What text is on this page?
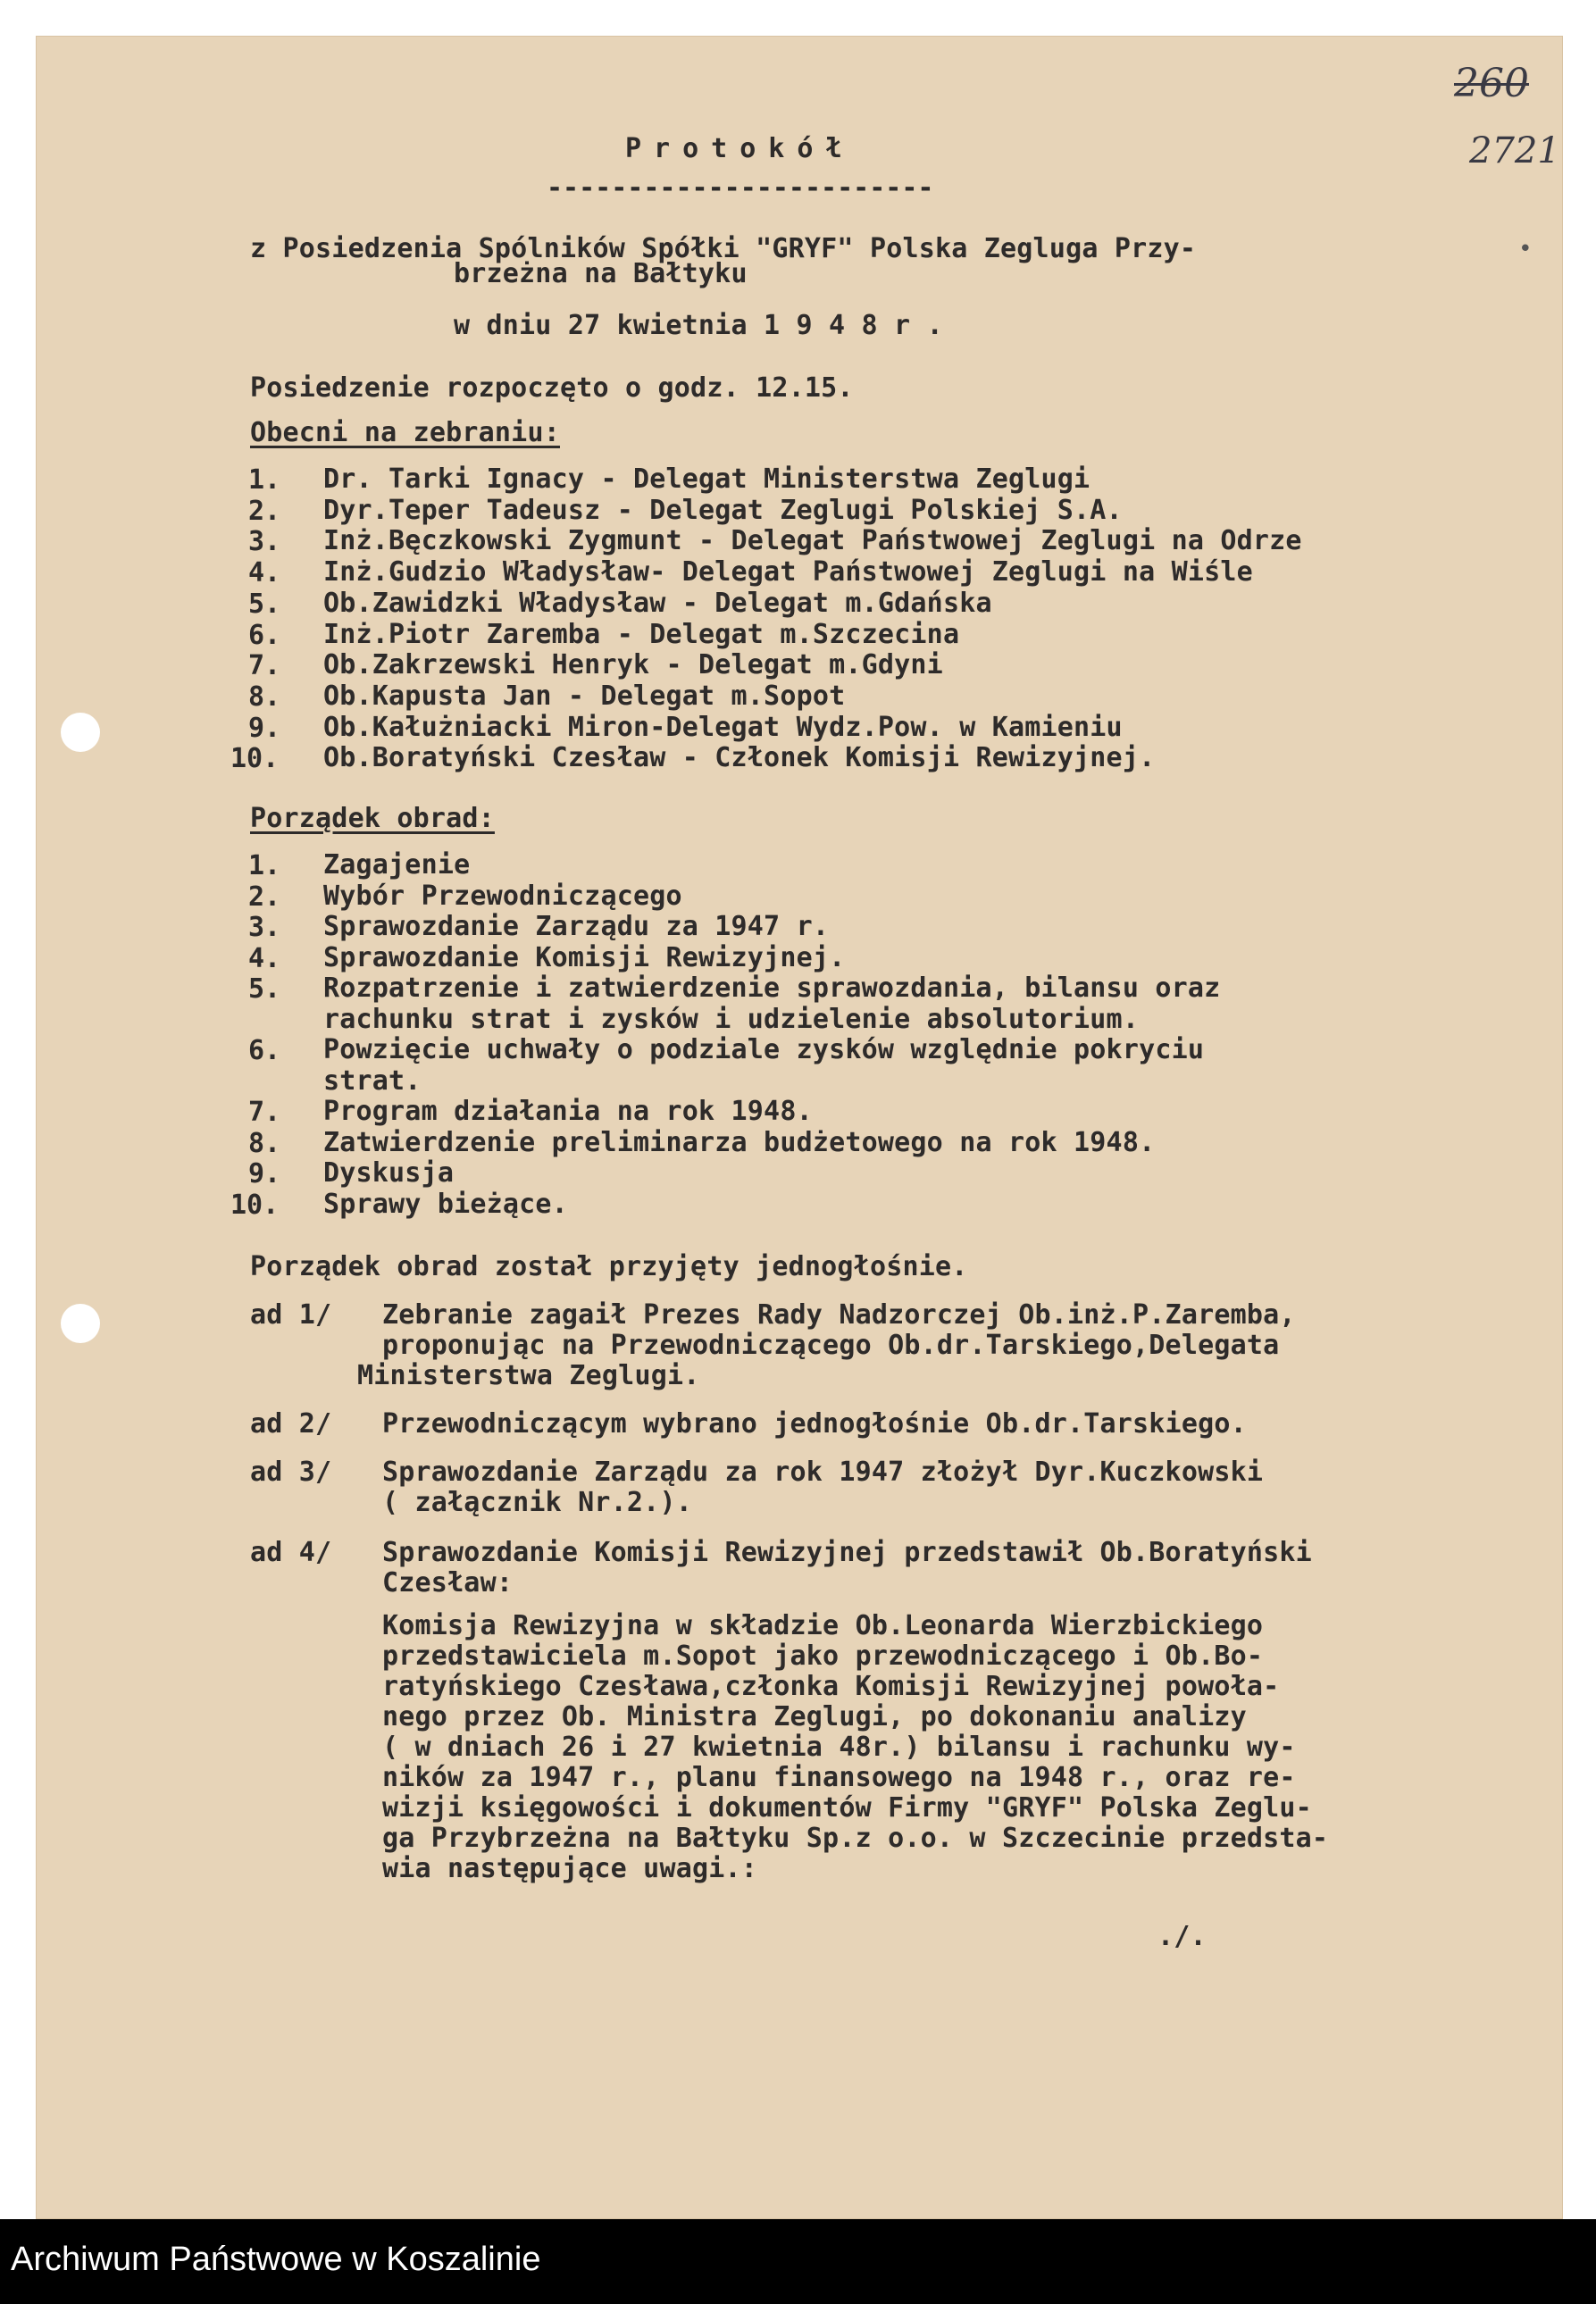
260
2721
Protokół
------------------------
z Posiedzenia Spólników Spółki "GRYF" Polska Zegluga Przy-
brzeżna na Bałtyku
w dniu 27 kwietnia 1 9 4 8 r .
Posiedzenie rozpoczęto o godz. 12.15.
Obecni na zebraniu:
Porządek obrad:
Porządek obrad został przyjęty jednogłośnie.
ad 1/ Zebranie zagaił Prezes Rady Nadzorczej Ob.inż.P.Zaremba,
proponując na Przewodniczącego Ob.dr.Tarskiego,Delegata
Ministerstwa Zeglugi.
ad 2/ Przewodniczącym wybrano jednogłośnie Ob.dr.Tarskiego.
ad 3/ Sprawozdanie Zarządu za rok 1947 złożył Dyr.Kuczkowski
( załącznik Nr.2.).
ad 4/ Sprawozdanie Komisji Rewizyjnej przedstawił Ob.Boratyński
Czesław:
./.
•
Archiwum Państwowe w Koszalinie
1. Dr. Tarki Ignacy - Delegat Ministerstwa Zeglugi
2. Dyr.Teper Tadeusz - Delegat Zeglugi Polskiej S.A.
3. Inż.Bęczkowski Zygmunt - Delegat Państwowej Zeglugi na Odrze
4. Inż.Gudzio Władysław- Delegat Państwowej Zeglugi na Wiśle
5. Ob.Zawidzki Władysław - Delegat m.Gdańska
6. Inż.Piotr Zaremba - Delegat m.Szczecina
7. Ob.Zakrzewski Henryk - Delegat m.Gdyni
8. Ob.Kapusta Jan - Delegat m.Sopot
9. Ob.Kałużniacki Miron-Delegat Wydz.Pow. w Kamieniu
10. Ob.Boratyński Czesław - Członek Komisji Rewizyjnej.
1. Zagajenie
2. Wybór Przewodniczącego
3. Sprawozdanie Zarządu za 1947 r.
4. Sprawozdanie Komisji Rewizyjnej.
5. Rozpatrzenie i zatwierdzenie sprawozdania, bilansu oraz
rachunku strat i zysków i udzielenie absolutorium.
6. Powzięcie uchwały o podziale zysków względnie pokryciu
strat.
7. Program działania na rok 1948.
8. Zatwierdzenie preliminarza budżetowego na rok 1948.
9. Dyskusja
10. Sprawy bieżące.
Komisja Rewizyjna w składzie Ob.Leonarda Wierzbickiego
przedstawiciela m.Sopot jako przewodniczącego i Ob.Bo-
ratyńskiego Czesława,członka Komisji Rewizyjnej powoła-
nego przez Ob. Ministra Zeglugi, po dokonaniu analizy
( w dniach 26 i 27 kwietnia 48r.) bilansu i rachunku wy-
ników za 1947 r., planu finansowego na 1948 r., oraz re-
wizji księgowości i dokumentów Firmy "GRYF" Polska Zeglu-
ga Przybrzeżna na Bałtyku Sp.z o.o. w Szczecinie przedsta-
wia następujące uwagi.:
